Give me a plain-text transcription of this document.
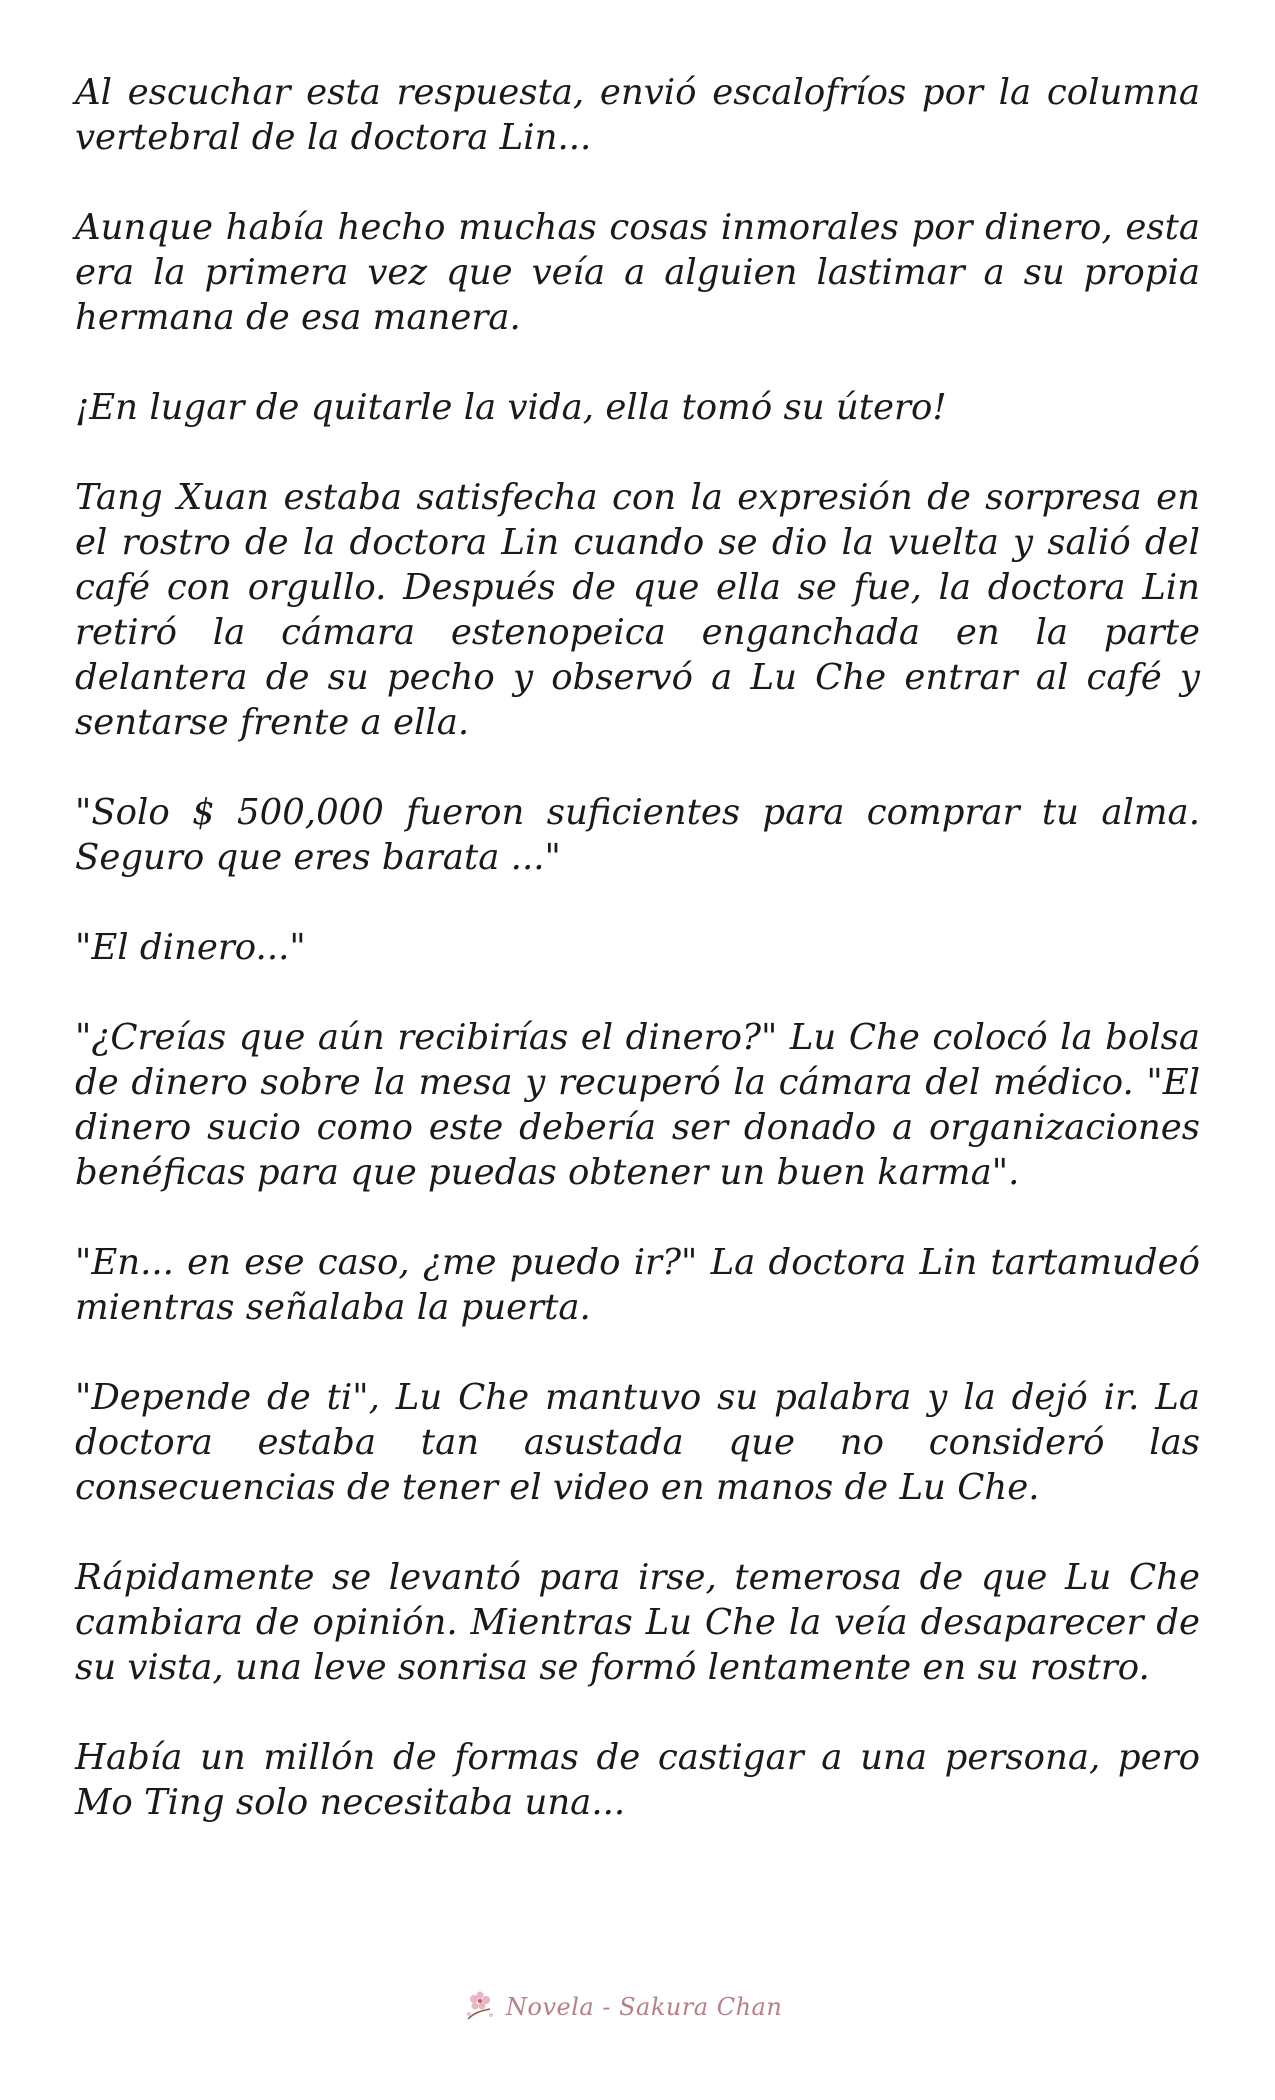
Al escuchar esta respuesta, envió escalofríos por la columna vertebral de la doctora Lin...

Aunque había hecho muchas cosas inmorales por dinero, esta era la primera vez que veía a alguien lastimar a su propia hermana de esa manera.

¡En lugar de quitarle la vida, ella tomó su útero!

Tang Xuan estaba satisfecha con la expresión de sorpresa en el rostro de la doctora Lin cuando se dio la vuelta y salió del café con orgullo. Después de que ella se fue, la doctora Lin retiró la cámara estenopeica enganchada en la parte delantera de su pecho y observó a Lu Che entrar al café y sentarse frente a ella.

"Solo $ 500,000 fueron suficientes para comprar tu alma. Seguro que eres barata ..."

"El dinero..."

"¿Creías que aún recibirías el dinero?" Lu Che colocó la bolsa de dinero sobre la mesa y recuperó la cámara del médico. "El dinero sucio como este debería ser donado a organizaciones benéficas para que puedas obtener un buen karma".

"En... en ese caso, ¿me puedo ir?" La doctora Lin tartamudeó mientras señalaba la puerta.

"Depende de ti", Lu Che mantuvo su palabra y la dejó ir. La doctora estaba tan asustada que no consideró las consecuencias de tener el video en manos de Lu Che.

Rápidamente se levantó para irse, temerosa de que Lu Che cambiara de opinión. Mientras Lu Che la veía desaparecer de su vista, una leve sonrisa se formó lentamente en su rostro.

Había un millón de formas de castigar a una persona, pero Mo Ting solo necesitaba una...

Novela - Sakura Chan
